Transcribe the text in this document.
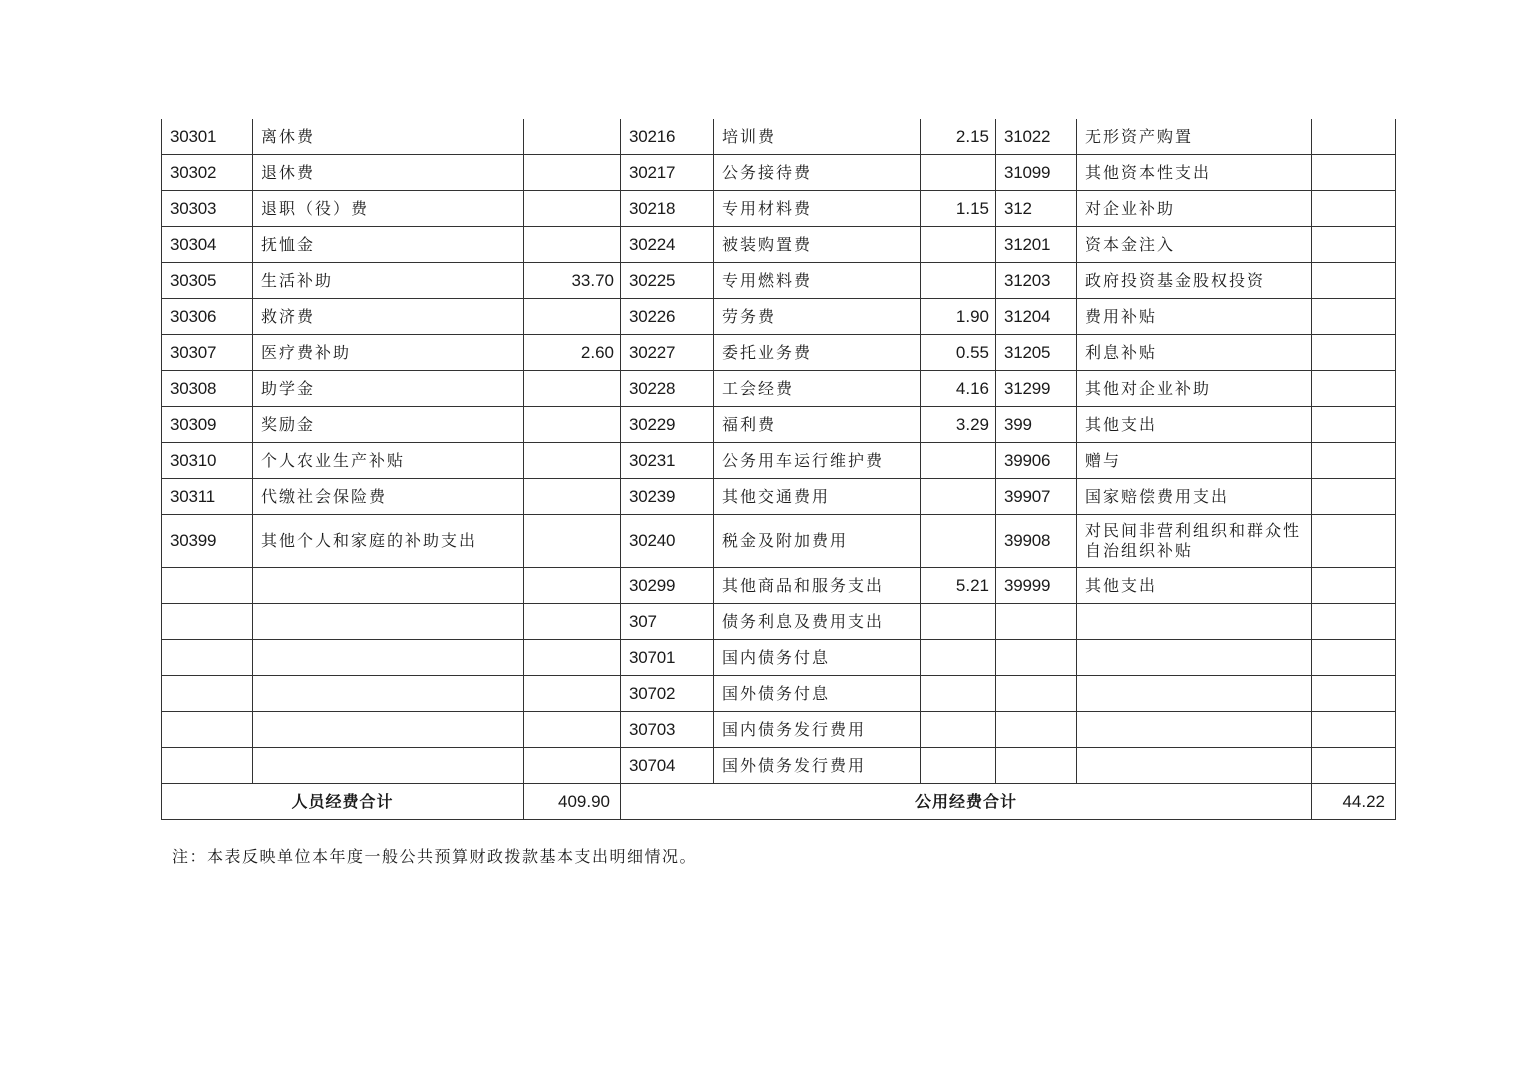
30301	离休费		30216	培训费	2.15	31022	无形资产购置	
30302	退休费		30217	公务接待费		31099	其他资本性支出	
30303	退职（役）费		30218	专用材料费	1.15	312	对企业补助	
30304	抚恤金		30224	被装购置费		31201	资本金注入	
30305	生活补助	33.70	30225	专用燃料费		31203	政府投资基金股权投资	
30306	救济费		30226	劳务费	1.90	31204	费用补贴	
30307	医疗费补助	2.60	30227	委托业务费	0.55	31205	利息补贴	
30308	助学金		30228	工会经费	4.16	31299	其他对企业补助	
30309	奖励金		30229	福利费	3.29	399	其他支出	
30310	个人农业生产补贴		30231	公务用车运行维护费		39906	赠与	
30311	代缴社会保险费		30239	其他交通费用		39907	国家赔偿费用支出	
30399	其他个人和家庭的补助支出		30240	税金及附加费用		39908	对民间非营利组织和群众性自治组织补贴	
			30299	其他商品和服务支出	5.21	39999	其他支出	
			307	债务利息及费用支出				
			30701	国内债务付息				
			30702	国外债务付息				
			30703	国内债务发行费用				
			30704	国外债务发行费用				
人员经费合计		409.90	公用经费合计					44.22
注：本表反映单位本年度一般公共预算财政拨款基本支出明细情况。
